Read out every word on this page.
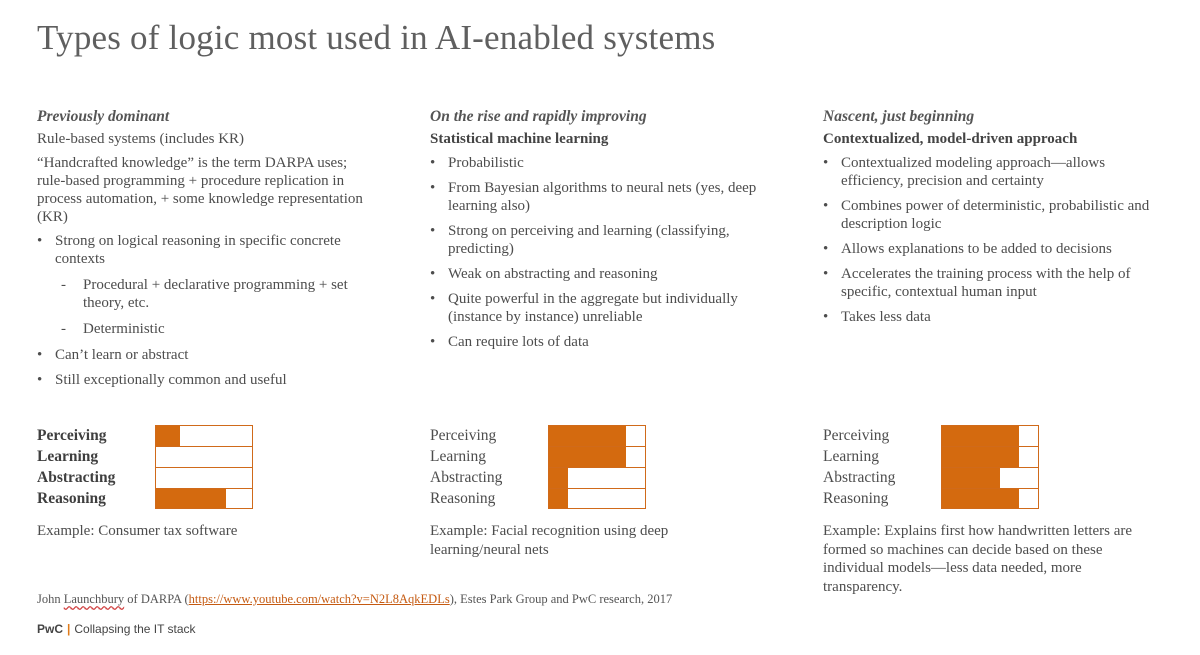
Types of logic most used in AI-enabled systems

Previously dominant

Rule-based systems (includes KR)

“Handcrafted knowledge” is the term DARPA uses; rule-based programming + procedure replication in process automation, + some knowledge representation (KR)

• Strong on logical reasoning in specific concrete contexts
- Procedural + declarative programming + set theory, etc.
- Deterministic
• Can’t learn or abstract
• Still exceptionally common and useful

On the rise and rapidly improving

Statistical machine learning

• Probabilistic
• From Bayesian algorithms to neural nets (yes, deep learning also)
• Strong on perceiving and learning (classifying, predicting)
• Weak on abstracting and reasoning
• Quite powerful in the aggregate but individually (instance by instance) unreliable
• Can require lots of data

Nascent, just beginning

Contextualized, model-driven approach

• Contextualized modeling approach—allows efficiency, precision and certainty
• Combines power of deterministic, probabilistic and description logic
• Allows explanations to be added to decisions
• Accelerates the training process with the help of specific, contextual human input
• Takes less data
Perceiving
Learning
Abstracting
Reasoning
Perceiving
Learning
Abstracting
Reasoning
Perceiving
Learning
Abstracting
Reasoning
Example: Consumer tax software	Example: Facial recognition using deep learning/neural nets
Example: Explains first how handwritten letters are formed so machines can decide based on these individual models—less data needed, more transparency.
John Launchbury of DARPA (https://www.youtube.com/watch?v=N2L8AqkEDLs), Estes Park Group and PwC research, 2017
PwC | Collapsing the IT stack
